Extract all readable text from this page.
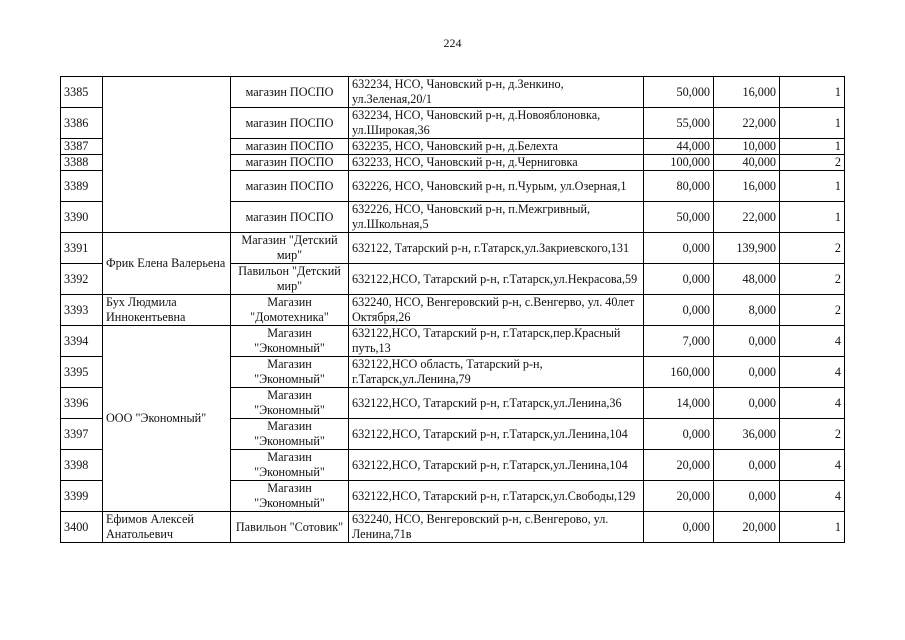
224
3385		магазин ПОСПО	632234, НСО, Чановский р-н, д.Зенкино, ул.Зеленая,20/1	50,000	16,000	1
3386		магазин ПОСПО	632234, НСО, Чановский р-н, д.Новояблоновка, ул.Широкая,36	55,000	22,000	1
3387		магазин ПОСПО	632235, НСО, Чановский р-н, д.Белехта	44,000	10,000	1
3388		магазин ПОСПО	632233, НСО, Чановский р-н, д.Черниговка	100,000	40,000	2
3389		магазин ПОСПО	632226, НСО, Чановский р-н, п.Чурым, ул.Озерная,1	80,000	16,000	1
3390		магазин ПОСПО	632226, НСО, Чановский р-н, п.Межгривный, ул.Школьная,5	50,000	22,000	1
3391	Фрик Елена Валерьена	Магазин "Детский мир"	632122, Татарский р-н, г.Татарск,ул.Закриевского,131	0,000	139,900	2
3392		Павильон "Детский мир"	632122,НСО, Татарский р-н, г.Татарск,ул.Некрасова,59	0,000	48,000	2
3393	Бух Людмила Иннокентьевна	Магазин "Домотехника"	632240, НСО, Венгеровский р-н, с.Венгерво, ул. 40лет Октября,26	0,000	8,000	2
3394	ООО "Экономный"	Магазин "Экономный"	632122,НСО, Татарский р-н, г.Татарск,пер.Красный путь,13	7,000	0,000	4
3395		Магазин "Экономный"	632122,НСО область, Татарский р-н, г.Татарск,ул.Ленина,79	160,000	0,000	4
3396		Магазин "Экономный"	632122,НСО, Татарский р-н, г.Татарск,ул.Ленина,36	14,000	0,000	4
3397		Магазин "Экономный"	632122,НСО, Татарский р-н, г.Татарск,ул.Ленина,104	0,000	36,000	2
3398		Магазин "Экономный"	632122,НСО, Татарский р-н, г.Татарск,ул.Ленина,104	20,000	0,000	4
3399		Магазин "Экономный"	632122,НСО, Татарский р-н, г.Татарск,ул.Свободы,129	20,000	0,000	4
3400	Ефимов Алексей Анатольевич	Павильон "Сотовик"	632240, НСО, Венгеровский р-н, с.Венгерово, ул. Ленина,71в	0,000	20,000	1
